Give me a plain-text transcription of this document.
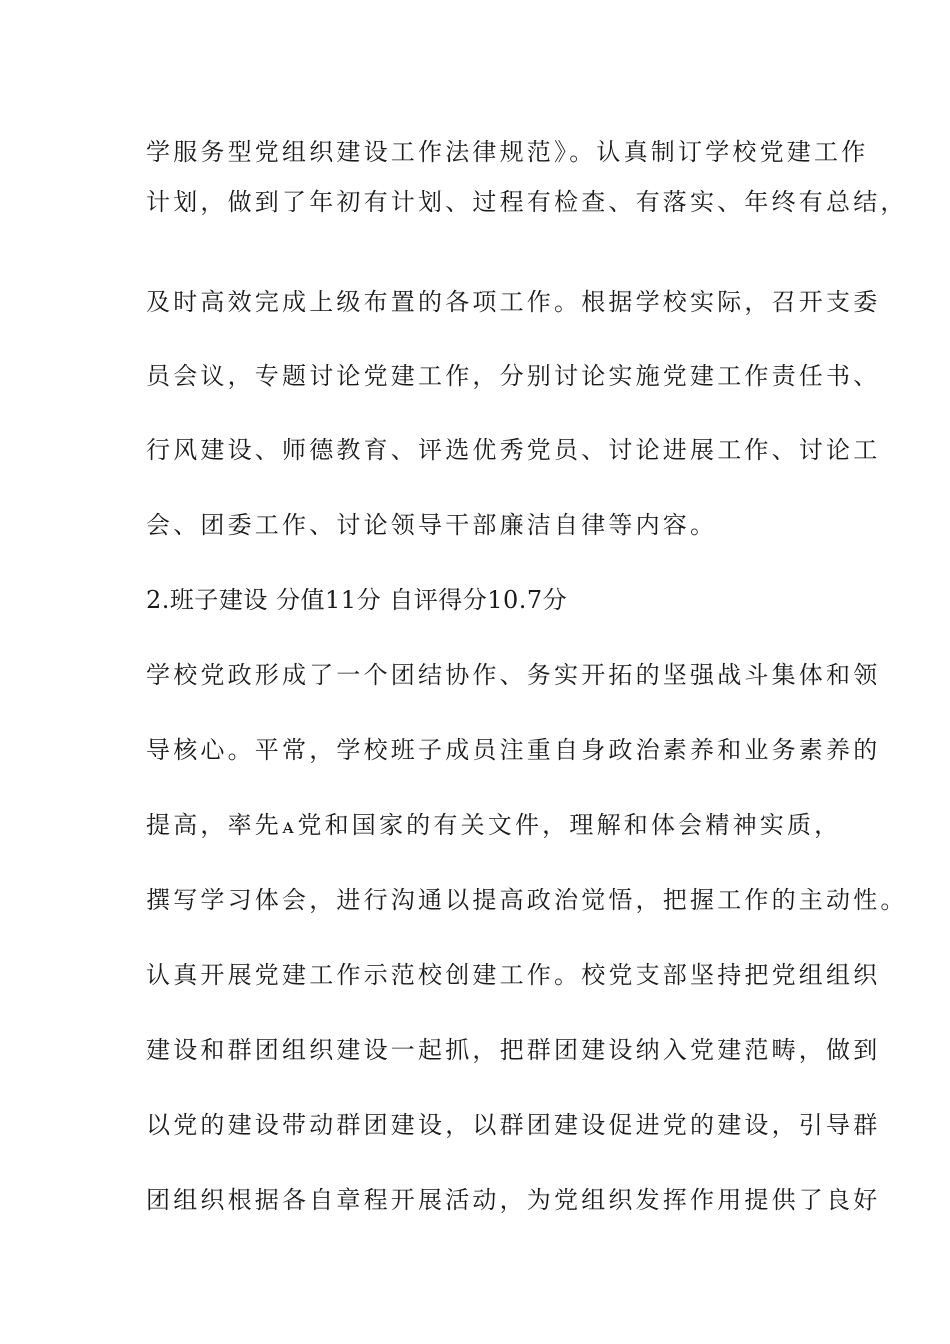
学服务型党组织建设工作法律规范》。认真制订学校党建工作
计划，做到了年初有计划、过程有检查、有落实、年终有总结，
及时高效完成上级布置的各项工作。根据学校实际，召开支委
员会议，专题讨论党建工作，分别讨论实施党建工作责任书、
行风建设、师德教育、评选优秀党员、讨论进展工作、讨论工
会、团委工作、讨论领导干部廉洁自律等内容。
2.班子建设 分值11分 自评得分10.7分
学校党政形成了一个团结协作、务实开拓的坚强战斗集体和领
导核心。平常，学校班子成员注重自身政治素养和业务素养的
提高，率先ꭺ党和国家的有关文件，理解和体会精神实质，
撰写学习体会，进行沟通以提高政治觉悟，把握工作的主动性。
认真开展党建工作示范校创建工作。校党支部坚持把党组组织
建设和群团组织建设一起抓，把群团建设纳入党建范畴，做到
以党的建设带动群团建设，以群团建设促进党的建设，引导群
团组织根据各自章程开展活动，为党组织发挥作用提供了良好
